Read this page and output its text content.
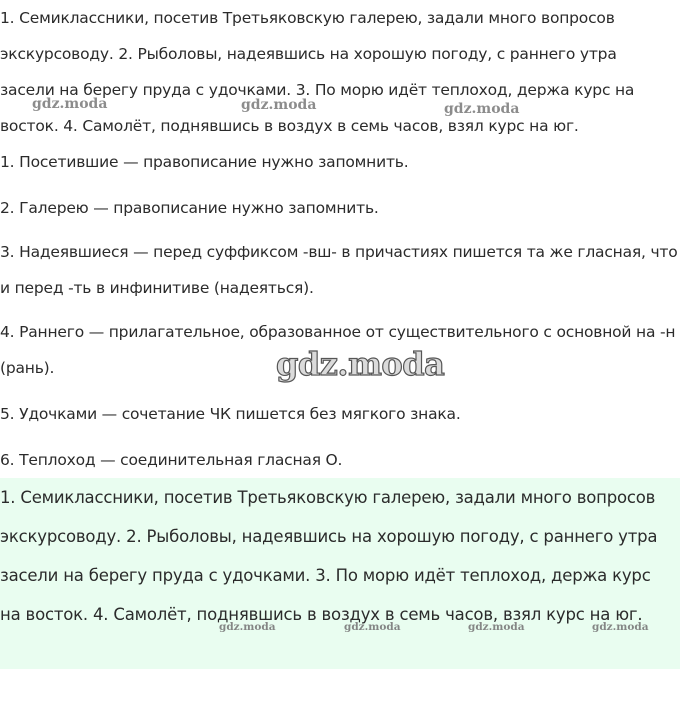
1. Семиклассники, посетив Третьяковскую галерею, задали много вопросов экскурсоводу. 2. Рыболовы, надеявшись на хорошую погоду, с раннего утра засели на берегу пруда с удочками. 3. По морю идёт теплоход, держа курс на восток. 4. Самолёт, поднявшись в воздух в семь часов, взял курс на юг.
1. Посетившие — правописание нужно запомнить.
2. Галерею — правописание нужно запомнить.
3. Надеявшиеся — перед суффиксом -вш- в причастиях пишется та же гласная, что и перед -ть в инфинитиве (надеяться).
4. Раннего — прилагательное, образованное от существительного с основной на -н (рань).
5. Удочками — сочетание ЧК пишется без мягкого знака.
6. Теплоход — соединительная гласная О.

1. Семиклассники, посетив Третьяковскую галерею, задали много вопросов экскурсоводу. 2. Рыболовы, надеявшись на хорошую погоду, с раннего утра засели на берегу пруда с удочками. 3. По морю идёт теплоход, держа курс на восток. 4. Самолёт, поднявшись в воздух в семь часов, взял курс на юг.

gdz.moda	gdz.moda	gdz.moda
gdz.moda
gdz.moda	gdz.moda	gdz.moda	gdz.moda
